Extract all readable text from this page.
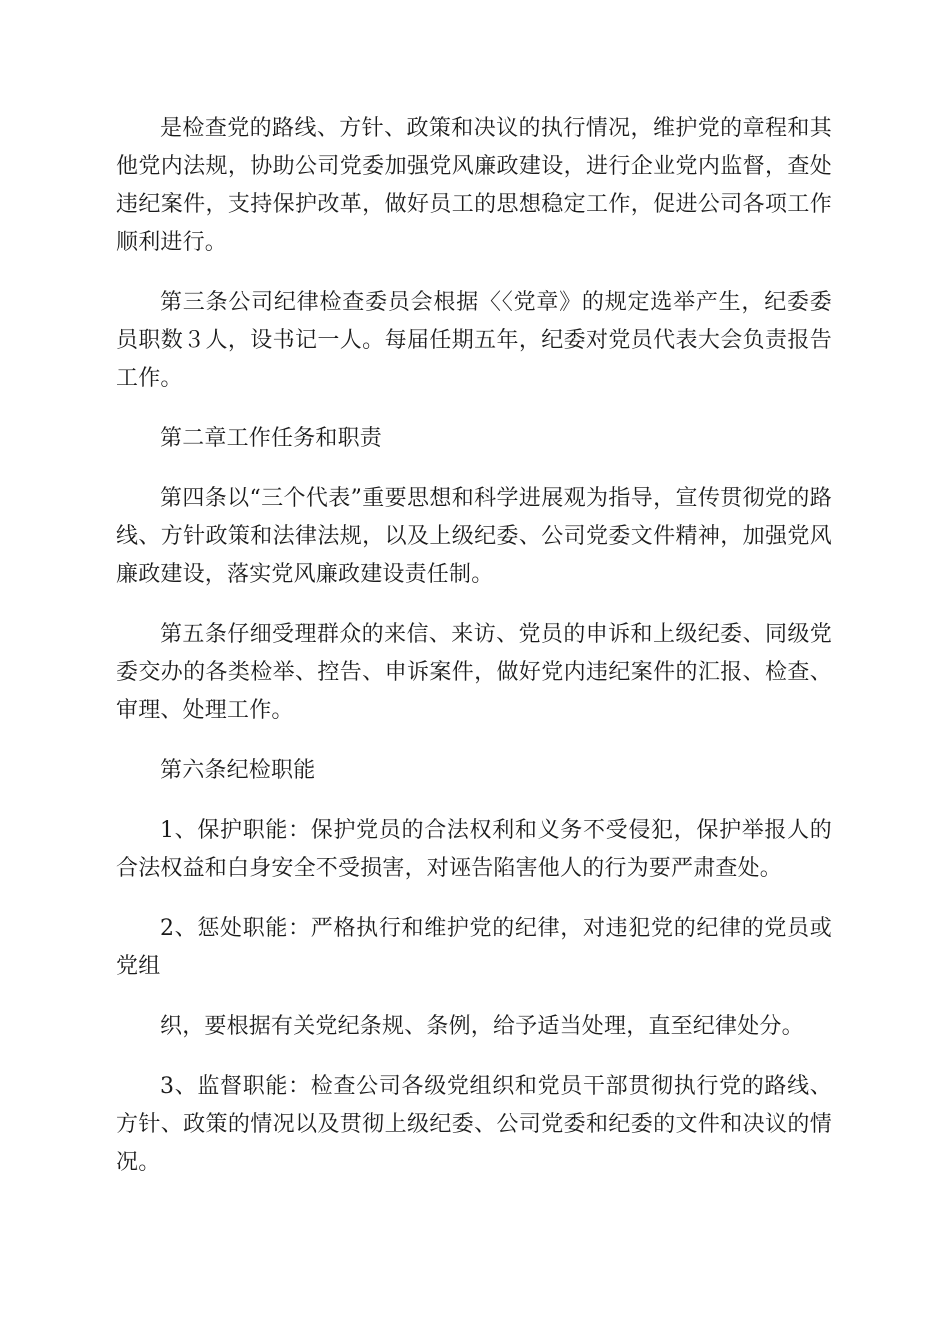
是检查党的路线、方针、政策和决议的执行情况，维护党的章程和其他党内法规，协助公司党委加强党风廉政建设，进行企业党内监督，查处违纪案件，支持保护改革，做好员工的思想稳定工作，促进公司各项工作顺利进行。

第三条公司纪律检查委员会根据〈〈党章》的规定选举产生，纪委委员职数３人，设书记一人。每届任期五年，纪委对党员代表大会负责报告工作。

第二章工作任务和职责

第四条以“三个代表”重要思想和科学进展观为指导，宣传贯彻党的路线、方针政策和法律法规，以及上级纪委、公司党委文件精神，加强党风廉政建设，落实党风廉政建设责任制。

第五条仔细受理群众的来信、来访、党员的申诉和上级纪委、同级党委交办的各类检举、控告、申诉案件，做好党内违纪案件的汇报、检查、审理、处理工作。

第六条纪检职能

1、保护职能：保护党员的合法权利和义务不受侵犯，保护举报人的合法权益和白身安全不受损害，对诬告陷害他人的行为要严肃查处。

2、惩处职能：严格执行和维护党的纪律，对违犯党的纪律的党员或党组

织，要根据有关党纪条规、条例，给予适当处理，直至纪律处分。

3、监督职能：检查公司各级党组织和党员干部贯彻执行党的路线、方针、政策的情况以及贯彻上级纪委、公司党委和纪委的文件和决议的情况。
